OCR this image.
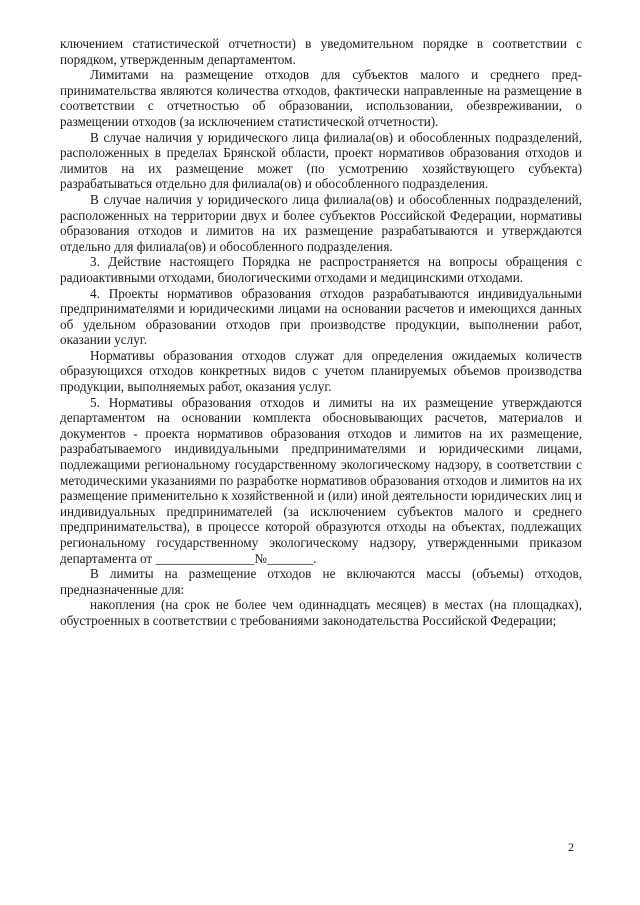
ключением статистической отчетности) в уведомительном порядке в соответствии с порядком, утвержденным департаментом.

Лимитами на размещение отходов для субъектов малого и среднего предпринимательства являются количества отходов, фактически направленные на размещение в соответствии с отчетностью об образовании, использовании, обезвреживании, о размещении отходов (за исключением статистической отчетности).

В случае наличия у юридического лица филиала(ов) и обособленных подразделений, расположенных в пределах Брянской области, проект нормативов образования отходов и лимитов на их размещение может (по усмотрению хозяйствующего субъекта) разрабатываться отдельно для филиала(ов) и обособленного подразделения.

В случае наличия у юридического лица филиала(ов) и обособленных подразделений, расположенных на территории двух и более субъектов Российской Федерации, нормативы образования отходов и лимитов на их размещение разрабатываются и утверждаются отдельно для филиала(ов) и обособленного подразделения.

3. Действие настоящего Порядка не распространяется на вопросы обращения с радиоактивными отходами, биологическими отходами и медицинскими отходами.

4. Проекты нормативов образования отходов разрабатываются индивидуальными предпринимателями и юридическими лицами на основании расчетов и имеющихся данных об удельном образовании отходов при производстве продукции, выполнении работ, оказании услуг.

Нормативы образования отходов служат для определения ожидаемых количеств образующихся отходов конкретных видов с учетом планируемых объемов производства продукции, выполняемых работ, оказания услуг.

5. Нормативы образования отходов и лимиты на их размещение утверждаются департаментом на основании комплекта обосновывающих расчетов, материалов и документов - проекта нормативов образования отходов и лимитов на их размещение, разрабатываемого индивидуальными предпринимателями и юридическими лицами, подлежащими региональному государственному экологическому надзору, в соответствии с методическими указаниями по разработке нормативов образования отходов и лимитов на их размещение применительно к хозяйственной и (или) иной деятельности юридических лиц и индивидуальных предпринимателей (за исключением субъектов малого и среднего предпринимательства), в процессе которой образуются отходы на объектах, подлежащих региональному государственному экологическому надзору, утвержденными приказом департамента от _______________№_______.

В лимиты на размещение отходов не включаются массы (объемы) отходов, предназначенные для:

накопления (на срок не более чем одиннадцать месяцев) в местах (на площадках), обустроенных в соответствии с требованиями законодательства Российской Федерации;

2
